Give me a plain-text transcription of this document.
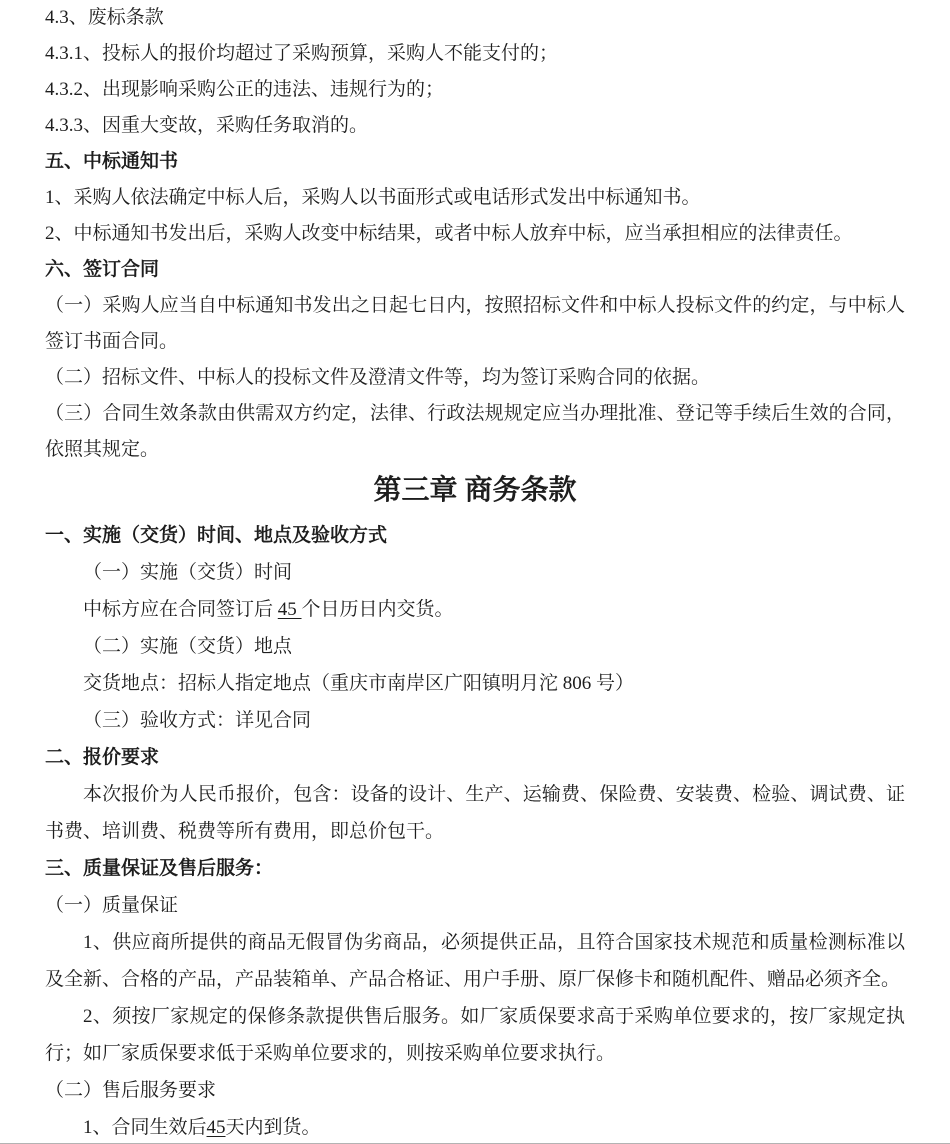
4.3、废标条款
4.3.1、投标人的报价均超过了采购预算，采购人不能支付的；
4.3.2、出现影响采购公正的违法、违规行为的；
4.3.3、因重大变故，采购任务取消的。
五、中标通知书
1、采购人依法确定中标人后，采购人以书面形式或电话形式发出中标通知书。
2、中标通知书发出后，采购人改变中标结果，或者中标人放弃中标，应当承担相应的法律责任。
六、签订合同
（一）采购人应当自中标通知书发出之日起七日内，按照招标文件和中标人投标文件的约定，与中标人
签订书面合同。
（二）招标文件、中标人的投标文件及澄清文件等，均为签订采购合同的依据。
（三）合同生效条款由供需双方约定，法律、行政法规规定应当办理批准、登记等手续后生效的合同，
依照其规定。
第三章 商务条款
一、实施（交货）时间、地点及验收方式
（一）实施（交货）时间
中标方应在合同签订后 45 个日历日内交货。
（二）实施（交货）地点
交货地点：招标人指定地点（重庆市南岸区广阳镇明月沱 806 号）
（三）验收方式：详见合同
二、报价要求
本次报价为人民币报价，包含：设备的设计、生产、运输费、保险费、安装费、检验、调试费、证
书费、培训费、税费等所有费用，即总价包干。
三、质量保证及售后服务：
（一）质量保证
1、供应商所提供的商品无假冒伪劣商品，必须提供正品，且符合国家技术规范和质量检测标准以
及全新、合格的产品，产品装箱单、产品合格证、用户手册、原厂保修卡和随机配件、赠品必须齐全。
2、须按厂家规定的保修条款提供售后服务。如厂家质保要求高于采购单位要求的，按厂家规定执
行；如厂家质保要求低于采购单位要求的，则按采购单位要求执行。
（二）售后服务要求
1、合同生效后45天内到货。
